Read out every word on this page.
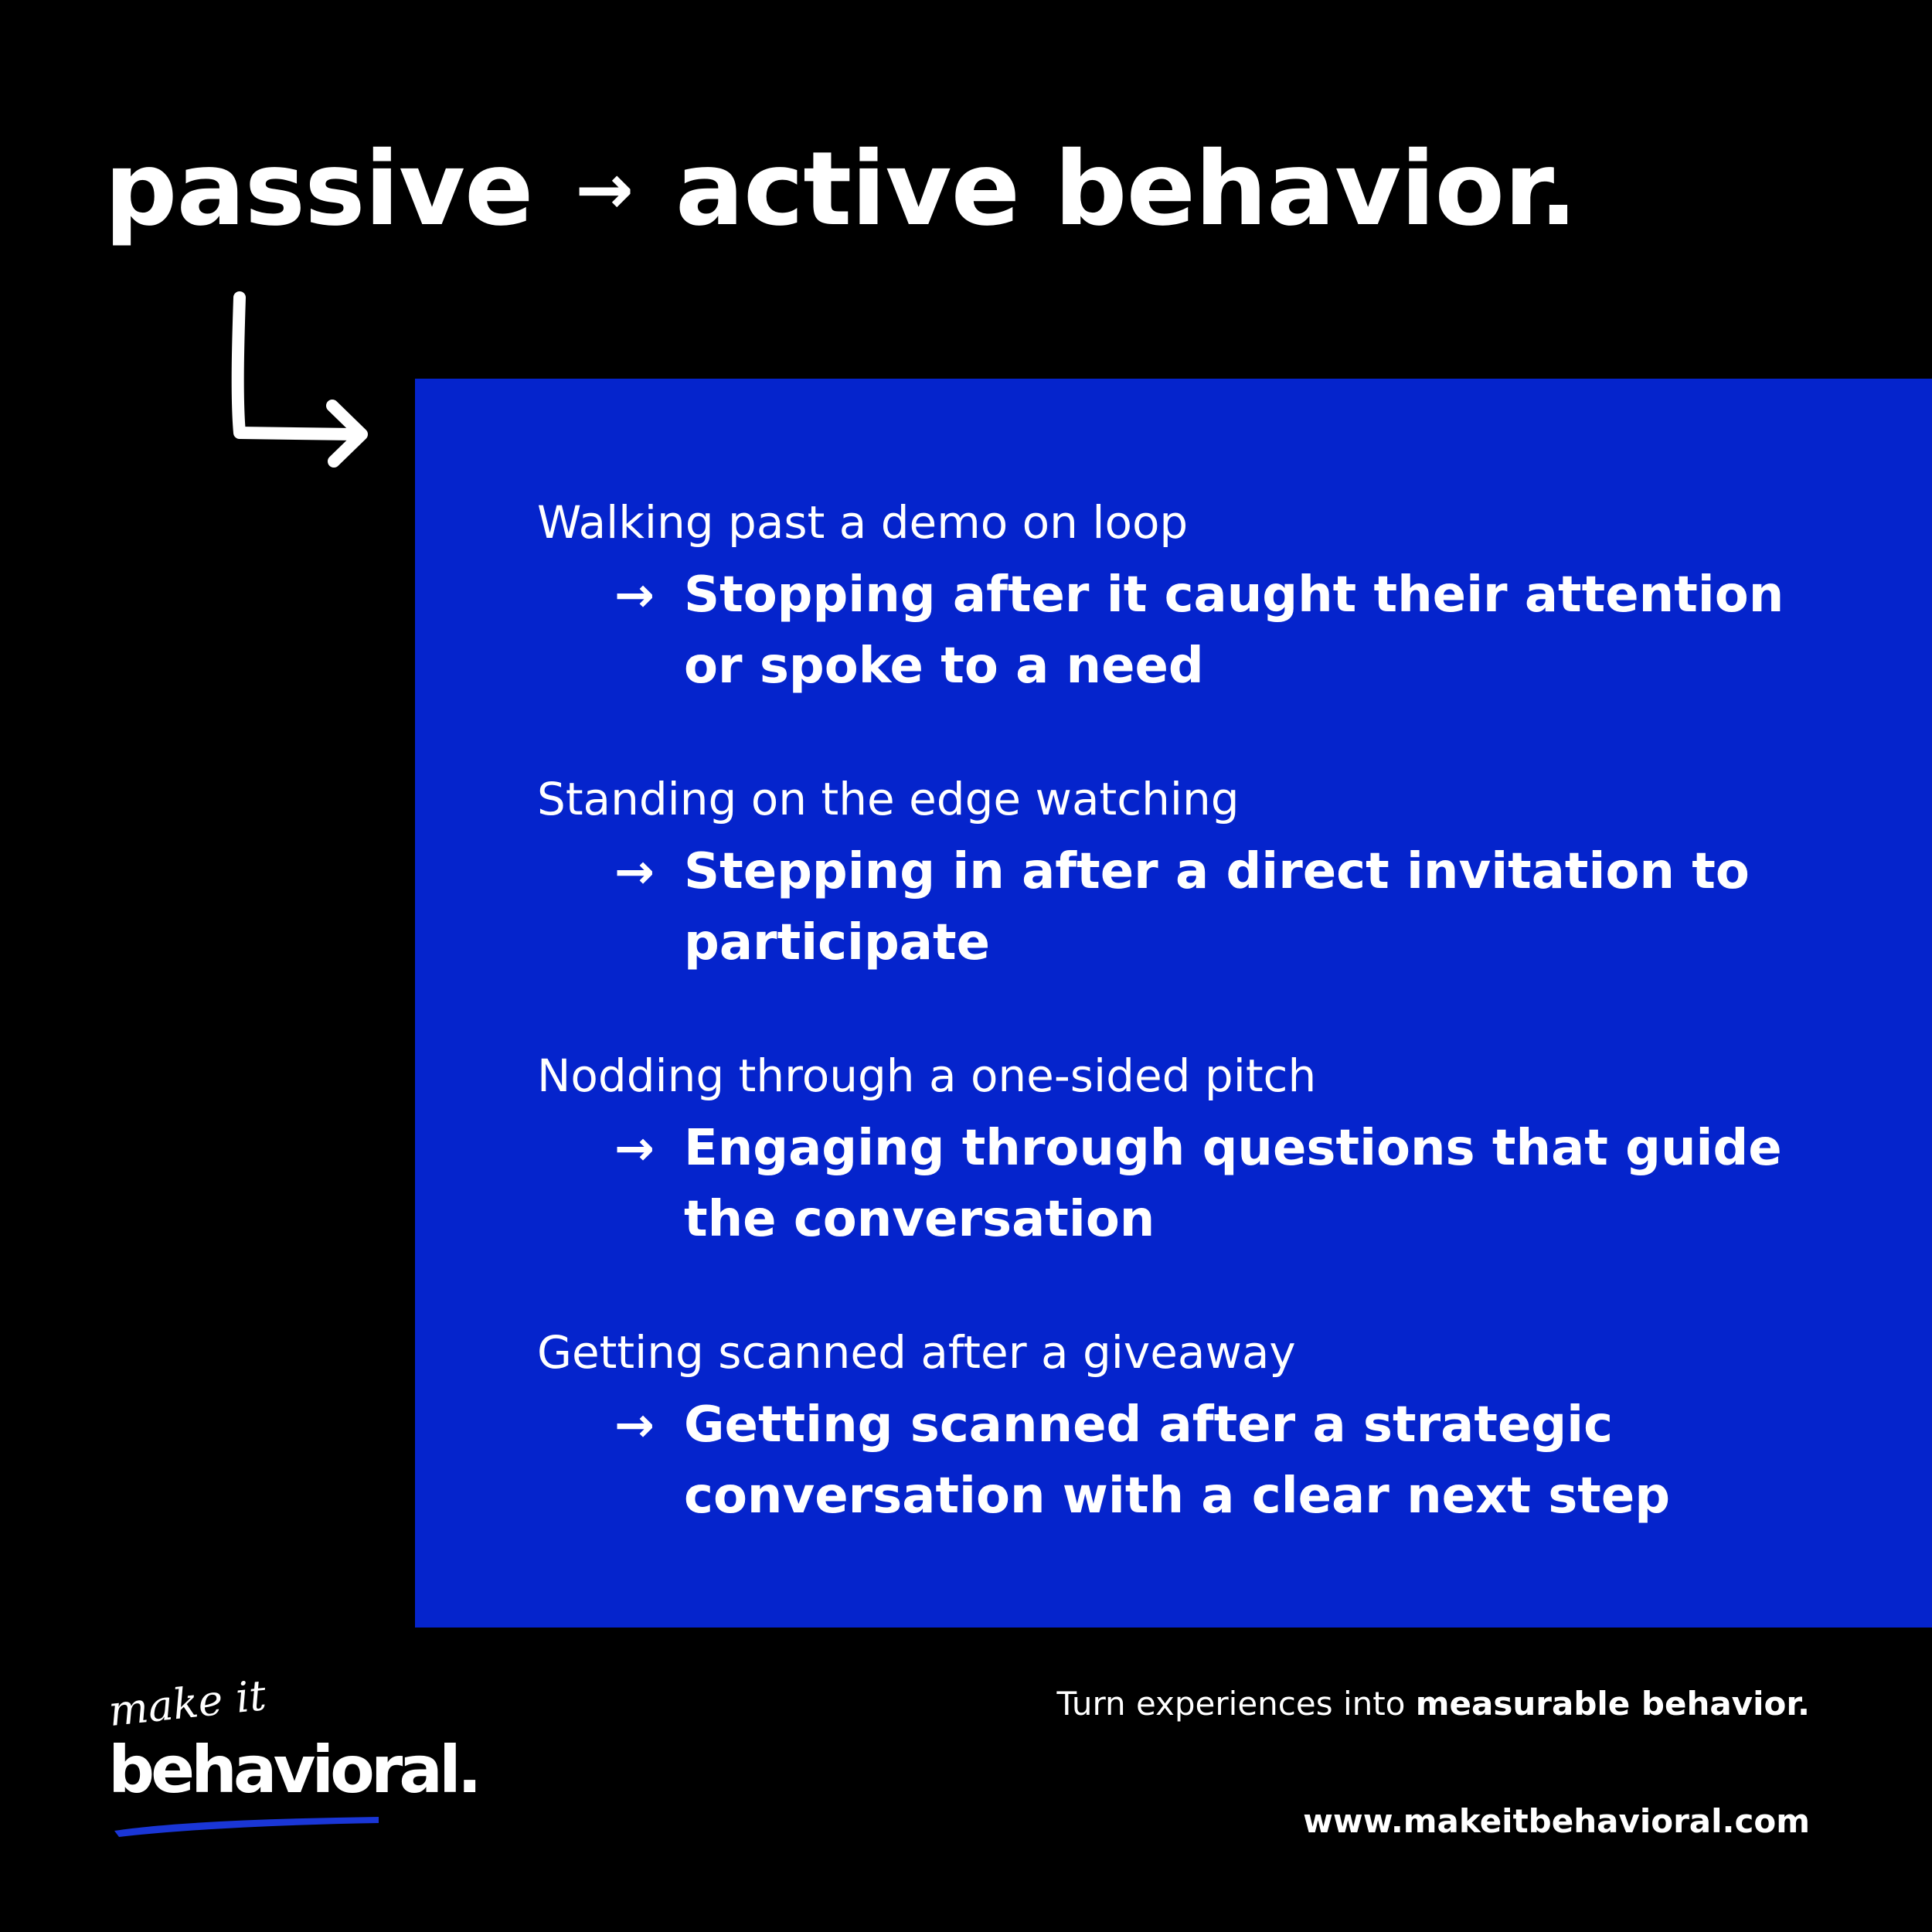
passive → active behavior.
Walking past a demo on loop
→ Stopping after it caught their attention or spoke to a need
Standing on the edge watching
→ Stepping in after a direct invitation to participate
Nodding through a one-sided pitch
→ Engaging through questions that guide the conversation
Getting scanned after a giveaway
→ Getting scanned after a strategic conversation with a clear next step
make it
behavioral.
Turn experiences into measurable behavior.
www.makeitbehavioral.com
